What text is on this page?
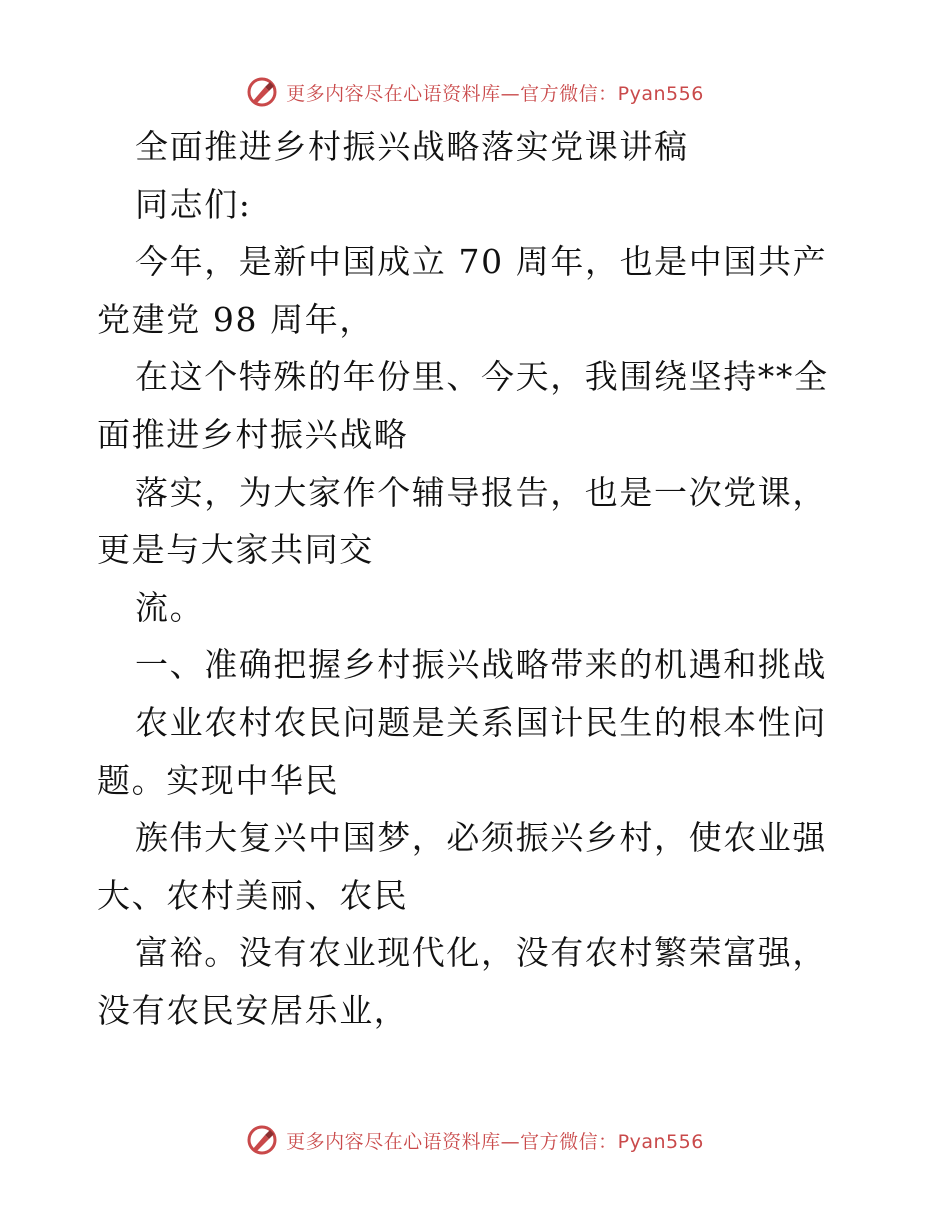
更多内容尽在心语资料库—官方微信：Pyan556

全面推进乡村振兴战略落实党课讲稿

同志们:

今年，是新中国成立 70 周年，也是中国共产党建党 98 周年，

在这个特殊的年份里、今天，我围绕坚持**全面推进乡村振兴战略

落实，为大家作个辅导报告，也是一次党课，更是与大家共同交

流。

一、准确把握乡村振兴战略带来的机遇和挑战

农业农村农民问题是关系国计民生的根本性问题。实现中华民

族伟大复兴中国梦，必须振兴乡村，使农业强大、农村美丽、农民

富裕。没有农业现代化，没有农村繁荣富强，没有农民安居乐业，

更多内容尽在心语资料库—官方微信：Pyan556
